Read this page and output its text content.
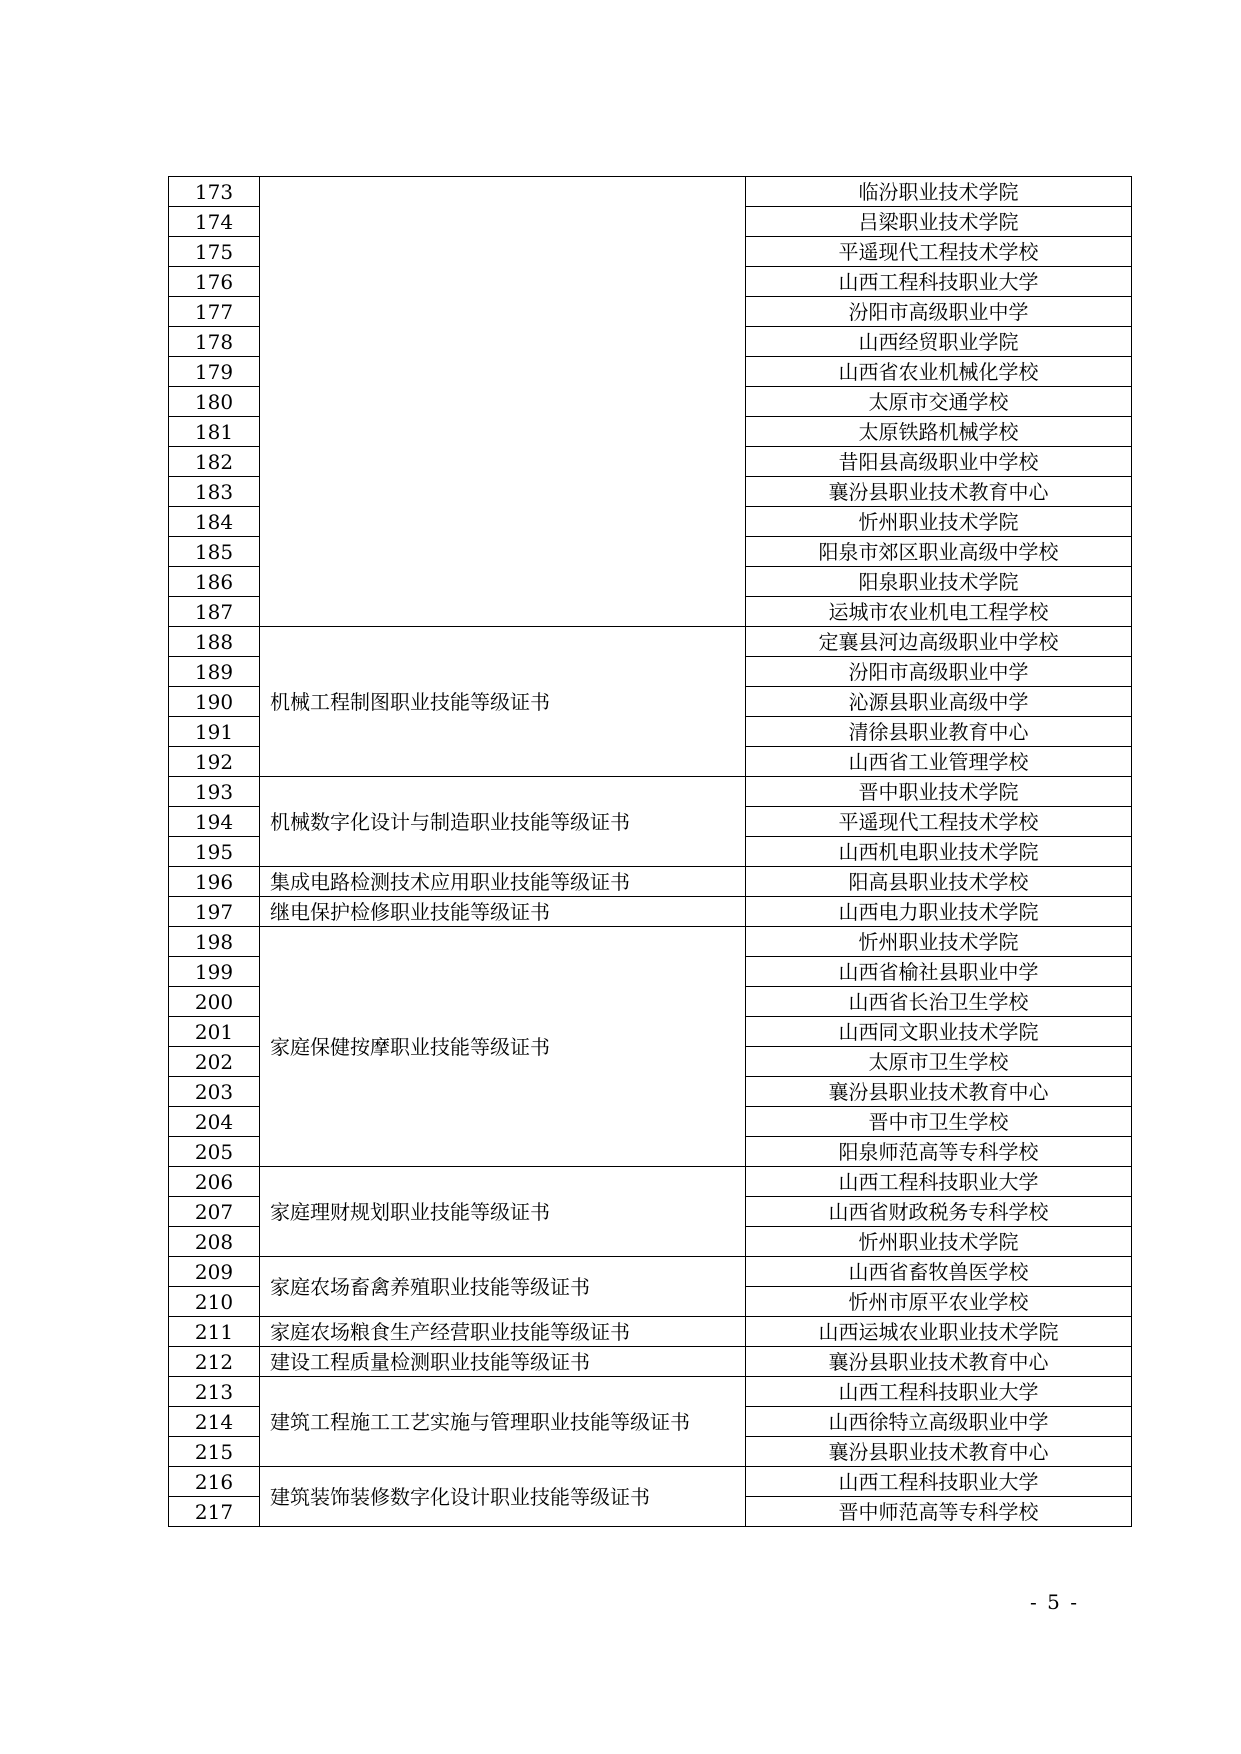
173		临汾职业技术学院
174		吕梁职业技术学院
175		平遥现代工程技术学校
176		山西工程科技职业大学
177		汾阳市高级职业中学
178		山西经贸职业学院
179		山西省农业机械化学校
180		太原市交通学校
181		太原铁路机械学校
182		昔阳县高级职业中学校
183		襄汾县职业技术教育中心
184		忻州职业技术学院
185		阳泉市郊区职业高级中学校
186		阳泉职业技术学院
187		运城市农业机电工程学校
188	机械工程制图职业技能等级证书	定襄县河边高级职业中学校
189		汾阳市高级职业中学
190		沁源县职业高级中学
191		清徐县职业教育中心
192		山西省工业管理学校
193	机械数字化设计与制造职业技能等级证书	晋中职业技术学院
194		平遥现代工程技术学校
195		山西机电职业技术学院
196	集成电路检测技术应用职业技能等级证书	阳高县职业技术学校
197	继电保护检修职业技能等级证书	山西电力职业技术学院
198	家庭保健按摩职业技能等级证书	忻州职业技术学院
199		山西省榆社县职业中学
200		山西省长治卫生学校
201		山西同文职业技术学院
202		太原市卫生学校
203		襄汾县职业技术教育中心
204		晋中市卫生学校
205		阳泉师范高等专科学校
206	家庭理财规划职业技能等级证书	山西工程科技职业大学
207		山西省财政税务专科学校
208		忻州职业技术学院
209	家庭农场畜禽养殖职业技能等级证书	山西省畜牧兽医学校
210		忻州市原平农业学校
211	家庭农场粮食生产经营职业技能等级证书	山西运城农业职业技术学院
212	建设工程质量检测职业技能等级证书	襄汾县职业技术教育中心
213	建筑工程施工工艺实施与管理职业技能等级证书	山西工程科技职业大学
214		山西徐特立高级职业中学
215		襄汾县职业技术教育中心
216	建筑装饰装修数字化设计职业技能等级证书	山西工程科技职业大学
217		晋中师范高等专科学校
- 5 -
